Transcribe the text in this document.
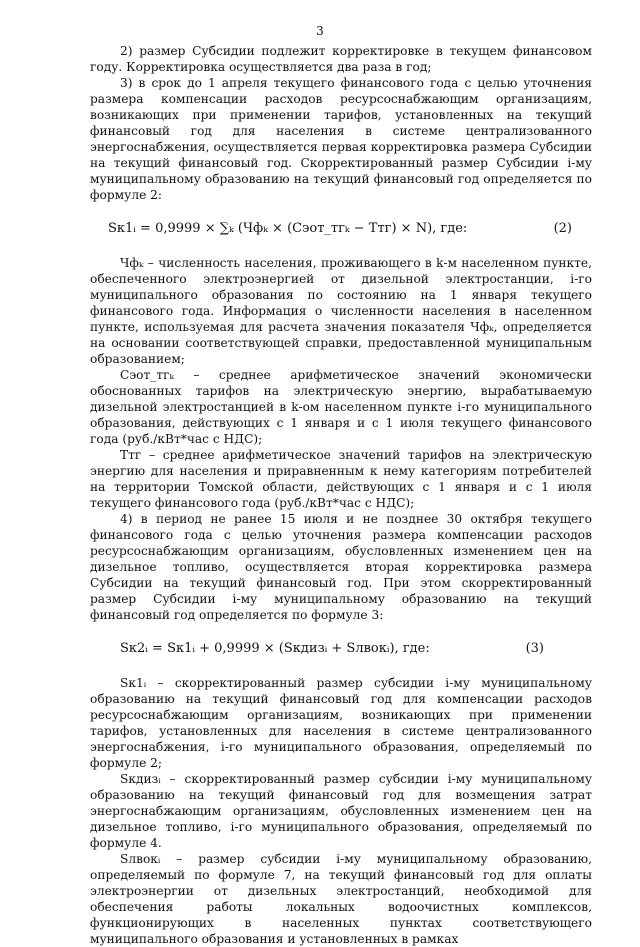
3

2) размер Субсидии подлежит корректировке в текущем финансовом году. Корректировка осуществляется два раза в год;

3) в срок до 1 апреля текущего финансового года с целью уточнения размера компенсации расходов ресурсоснабжающим организациям, возникающих при применении тарифов, установленных на текущий финансовый год для населения в системе централизованного энергоснабжения, осуществляется первая корректировка размера Субсидии на текущий финансовый год. Скорректированный размер Субсидии i-му муниципальному образованию на текущий финансовый год определяется по формуле 2:

Sк1ᵢ = 0,9999 × ∑ₖ (Чфₖ × (Сэот_тгₖ − Tтг) × N), где:	(2)

Чфₖ – численность населения, проживающего в k-м населенном пункте, обеспеченного электроэнергией от дизельной электростанции, i-го муниципального образования по состоянию на 1 января текущего финансового года. Информация о численности населения в населенном пункте, используемая для расчета значения показателя Чфₖ, определяется на основании соответствующей справки, предоставленной муниципальным образованием;

Сэот_тгₖ – среднее арифметическое значений экономически обоснованных тарифов на электрическую энергию, вырабатываемую дизельной электростанцией в k-ом населенном пункте i-го муниципального образования, действующих с 1 января и с 1 июля текущего финансового года (руб./кВт*час с НДС);

Tтг – среднее арифметическое значений тарифов на электрическую энергию для населения и приравненным к нему категориям потребителей на территории Томской области, действующих с 1 января и с 1 июля текущего финансового года (руб./кВт*час с НДС);

4) в период не ранее 15 июля и не позднее 30 октября текущего финансового года с целью уточнения размера компенсации расходов ресурсоснабжающим организациям, обусловленных изменением цен на дизельное топливо, осуществляется вторая корректировка размера Субсидии на текущий финансовый год. При этом скорректированный размер Субсидии i-му муниципальному образованию на текущий финансовый год определяется по формуле 3:

Sк2ᵢ = Sк1ᵢ + 0,9999 × (Sкдизᵢ + Sлвокᵢ), где:	(3)

Sк1ᵢ – скорректированный размер субсидии i-му муниципальному образованию на текущий финансовый год для компенсации расходов ресурсоснабжающим организациям, возникающих при применении тарифов, установленных для населения в системе централизованного энергоснабжения, i-го муниципального образования, определяемый по формуле 2;

Sкдизᵢ – скорректированный размер субсидии i-му муниципальному образованию на текущий финансовый год для возмещения затрат энергоснабжающим организациям, обусловленных изменением цен на дизельное топливо, i-го муниципального образования, определяемый по формуле 4.

Sлвокᵢ – размер субсидии i-му муниципальному образованию, определяемый по формуле 7, на текущий финансовый год для оплаты электроэнергии от дизельных электростанций, необходимой для обеспечения работы локальных водоочистных комплексов, функционирующих в населенных пунктах соответствующего муниципального образования и установленных в рамках
